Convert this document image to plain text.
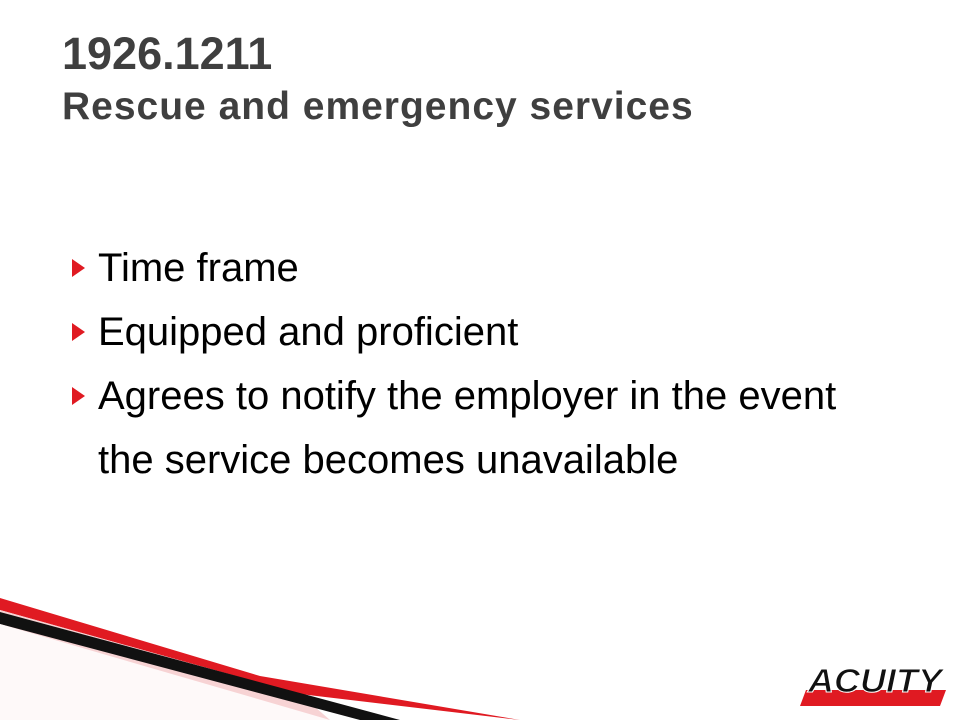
1926.1211
Rescue and emergency services
Time frame
Equipped and proficient
Agrees to notify the employer in the event the service becomes unavailable
ACUITY
